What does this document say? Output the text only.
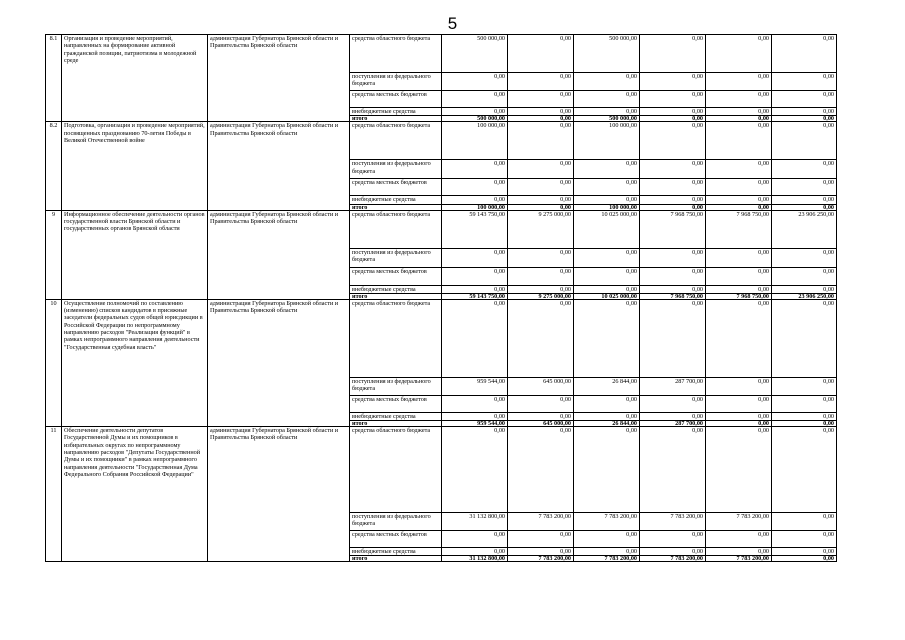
5
8.1	Организация и проведение мероприятий, направленных на формирование активной гражданской позиции, патриотизма в молодежной среде	администрация Губернатора Брянской области и Правительства Брянской области	средства областного бюджета	500 000,00	0,00	500 000,00	0,00	0,00	0,00
			поступления из федерального бюджета	0,00	0,00	0,00	0,00	0,00	0,00
			средства местных бюджетов	0,00	0,00	0,00	0,00	0,00	0,00
			внебюджетные средства	0,00	0,00	0,00	0,00	0,00	0,00
			итого	500 000,00	0,00	500 000,00	0,00	0,00	0,00
8.2	Подготовка, организация и проведение мероприятий, посвященных празднованию 70-летия Победы в Великой Отечественной войне	администрация Губернатора Брянской области и Правительства Брянской области	средства областного бюджета	100 000,00	0,00	100 000,00	0,00	0,00	0,00
			поступления из федерального бюджета	0,00	0,00	0,00	0,00	0,00	0,00
			средства местных бюджетов	0,00	0,00	0,00	0,00	0,00	0,00
			внебюджетные средства	0,00	0,00	0,00	0,00	0,00	0,00
			итого	100 000,00	0,00	100 000,00	0,00	0,00	0,00
9	Информационное обеспечение деятельности органов государственной власти Брянской области и государственных органов Брянской области	администрация Губернатора Брянской области и Правительства Брянской области	средства областного бюджета	59 143 750,00	9 275 000,00	10 025 000,00	7 968 750,00	7 968 750,00	23 906 250,00
			поступления из федерального бюджета	0,00	0,00	0,00	0,00	0,00	0,00
			средства местных бюджетов	0,00	0,00	0,00	0,00	0,00	0,00
			внебюджетные средства	0,00	0,00	0,00	0,00	0,00	0,00
			итого	59 143 750,00	9 275 000,00	10 025 000,00	7 968 750,00	7 968 750,00	23 906 250,00
10	Осуществление полномочий по составлению (изменению) списков кандидатов в присяжные заседатели федеральных судов общей юрисдикции в Российской Федерации по непрограммному направлению расходов "Реализация функций" в рамках непрограммного направления деятельности "Государственная судебная власть"	администрация Губернатора Брянской области и Правительства Брянской области	средства областного бюджета	0,00	0,00	0,00	0,00	0,00	0,00
			поступления из федерального бюджета	959 544,00	645 000,00	26 844,00	287 700,00	0,00	0,00
			средства местных бюджетов	0,00	0,00	0,00	0,00	0,00	0,00
			внебюджетные средства	0,00	0,00	0,00	0,00	0,00	0,00
			итого	959 544,00	645 000,00	26 844,00	287 700,00	0,00	0,00
11	Обеспечение деятельности депутатов Государственной Думы и их помощников в избирательных округах по непрограммному направлению расходов "Депутаты Государственной Думы и их помощники" в рамках непрограммного направления деятельности "Государственная Дума Федерального Собрания Российской Федерации"	администрация Губернатора Брянской области и Правительства Брянской области	средства областного бюджета	0,00	0,00	0,00	0,00	0,00	0,00
			поступления из федерального бюджета	31 132 800,00	7 783 200,00	7 783 200,00	7 783 200,00	7 783 200,00	0,00
			средства местных бюджетов	0,00	0,00	0,00	0,00	0,00	0,00
			внебюджетные средства	0,00	0,00	0,00	0,00	0,00	0,00
			итого	31 132 800,00	7 783 200,00	7 783 200,00	7 783 200,00	7 783 200,00	0,00
